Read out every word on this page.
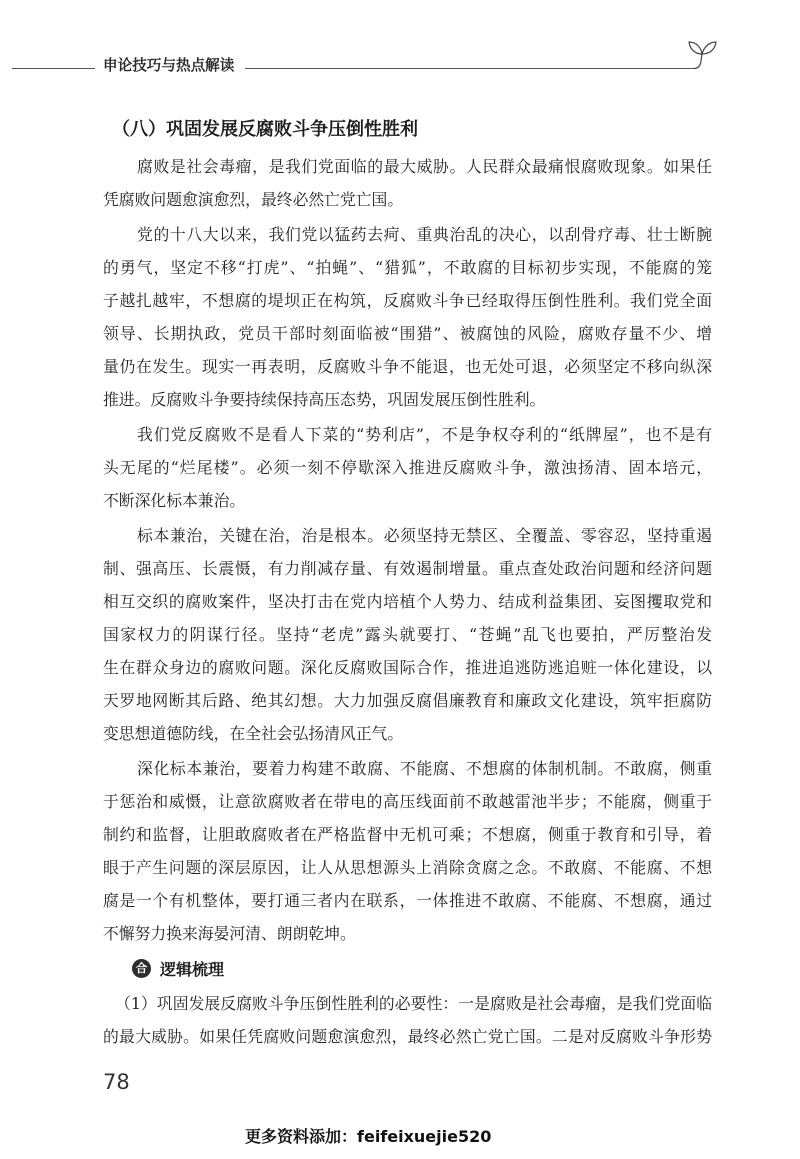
申论技巧与热点解读
（八）巩固发展反腐败斗争压倒性胜利
腐败是社会毒瘤，是我们党面临的最大威胁。人民群众最痛恨腐败现象。如果任
凭腐败问题愈演愈烈，最终必然亡党亡国。
党的十八大以来，我们党以猛药去疴、重典治乱的决心，以刮骨疗毒、壮士断腕
的勇气，坚定不移“打虎”、“拍蝇”、“猎狐”，不敢腐的目标初步实现，不能腐的笼
子越扎越牢，不想腐的堤坝正在构筑，反腐败斗争已经取得压倒性胜利。我们党全面
领导、长期执政，党员干部时刻面临被“围猎”、被腐蚀的风险，腐败存量不少、增
量仍在发生。现实一再表明，反腐败斗争不能退，也无处可退，必须坚定不移向纵深
推进。反腐败斗争要持续保持高压态势，巩固发展压倒性胜利。
我们党反腐败不是看人下菜的“势利店”，不是争权夺利的“纸牌屋”，也不是有
头无尾的“烂尾楼”。必须一刻不停歇深入推进反腐败斗争，激浊扬清、固本培元，
不断深化标本兼治。
标本兼治，关键在治，治是根本。必须坚持无禁区、全覆盖、零容忍，坚持重遏
制、强高压、长震慑，有力削减存量、有效遏制增量。重点查处政治问题和经济问题
相互交织的腐败案件，坚决打击在党内培植个人势力、结成利益集团、妄图攫取党和
国家权力的阴谋行径。坚持“老虎”露头就要打、“苍蝇”乱飞也要拍，严厉整治发
生在群众身边的腐败问题。深化反腐败国际合作，推进追逃防逃追赃一体化建设，以
天罗地网断其后路、绝其幻想。大力加强反腐倡廉教育和廉政文化建设，筑牢拒腐防
变思想道德防线，在全社会弘扬清风正气。
深化标本兼治，要着力构建不敢腐、不能腐、不想腐的体制机制。不敢腐，侧重
于惩治和威慑，让意欲腐败者在带电的高压线面前不敢越雷池半步；不能腐，侧重于
制约和监督，让胆敢腐败者在严格监督中无机可乘；不想腐，侧重于教育和引导，着
眼于产生问题的深层原因，让人从思想源头上消除贪腐之念。不敢腐、不能腐、不想
腐是一个有机整体，要打通三者内在联系，一体推进不敢腐、不能腐、不想腐，通过
不懈努力换来海晏河清、朗朗乾坤。
合 逻辑梳理
（1）巩固发展反腐败斗争压倒性胜利的必要性：一是腐败是社会毒瘤，是我们党面临
的最大威胁。如果任凭腐败问题愈演愈烈，最终必然亡党亡国。二是对反腐败斗争形势
78
更多资料添加：feifeixuejie520
